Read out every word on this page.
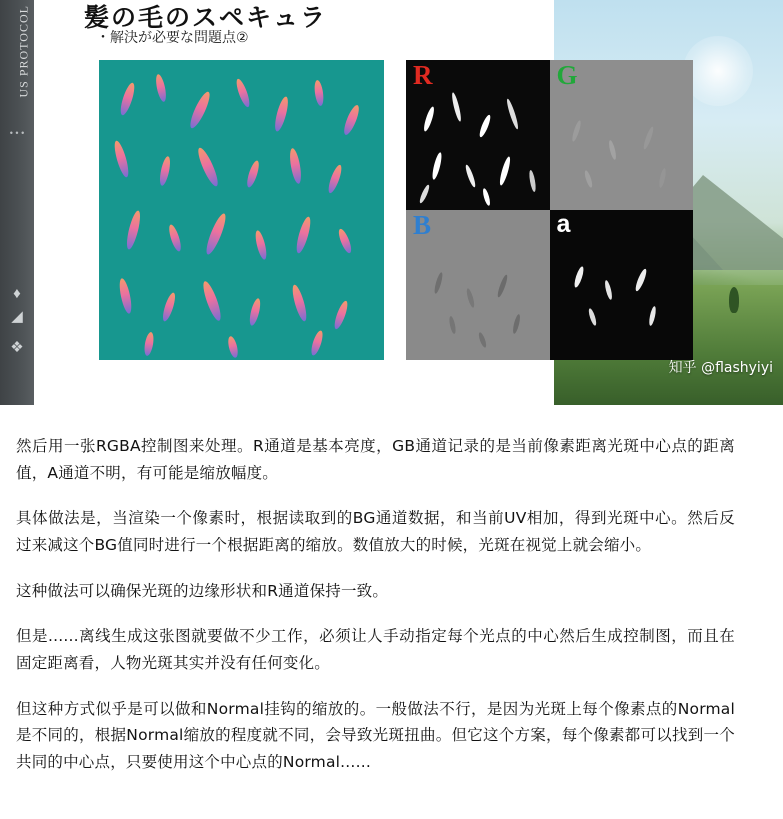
US PROTOCOL
• • •
♦
◢
❖
髪の毛のスペキュラ
・解決が必要な問題点②
R	G
B	a
知乎 @flashyiyi

然后用一张RGBA控制图来处理。R通道是基本亮度，GB通道记录的是当前像素距离光斑中心点的距离值，A通道不明，有可能是缩放幅度。

具体做法是，当渲染一个像素时，根据读取到的BG通道数据，和当前UV相加，得到光斑中心。然后反过来减这个BG值同时进行一个根据距离的缩放。数值放大的时候，光斑在视觉上就会缩小。

这种做法可以确保光斑的边缘形状和R通道保持一致。

但是......离线生成这张图就要做不少工作，必须让人手动指定每个光点的中心然后生成控制图，而且在固定距离看，人物光斑其实并没有任何变化。

但这种方式似乎是可以做和Normal挂钩的缩放的。一般做法不行，是因为光斑上每个像素点的Normal是不同的，根据Normal缩放的程度就不同，会导致光斑扭曲。但它这个方案，每个像素都可以找到一个共同的中心点，只要使用这个中心点的Normal......
